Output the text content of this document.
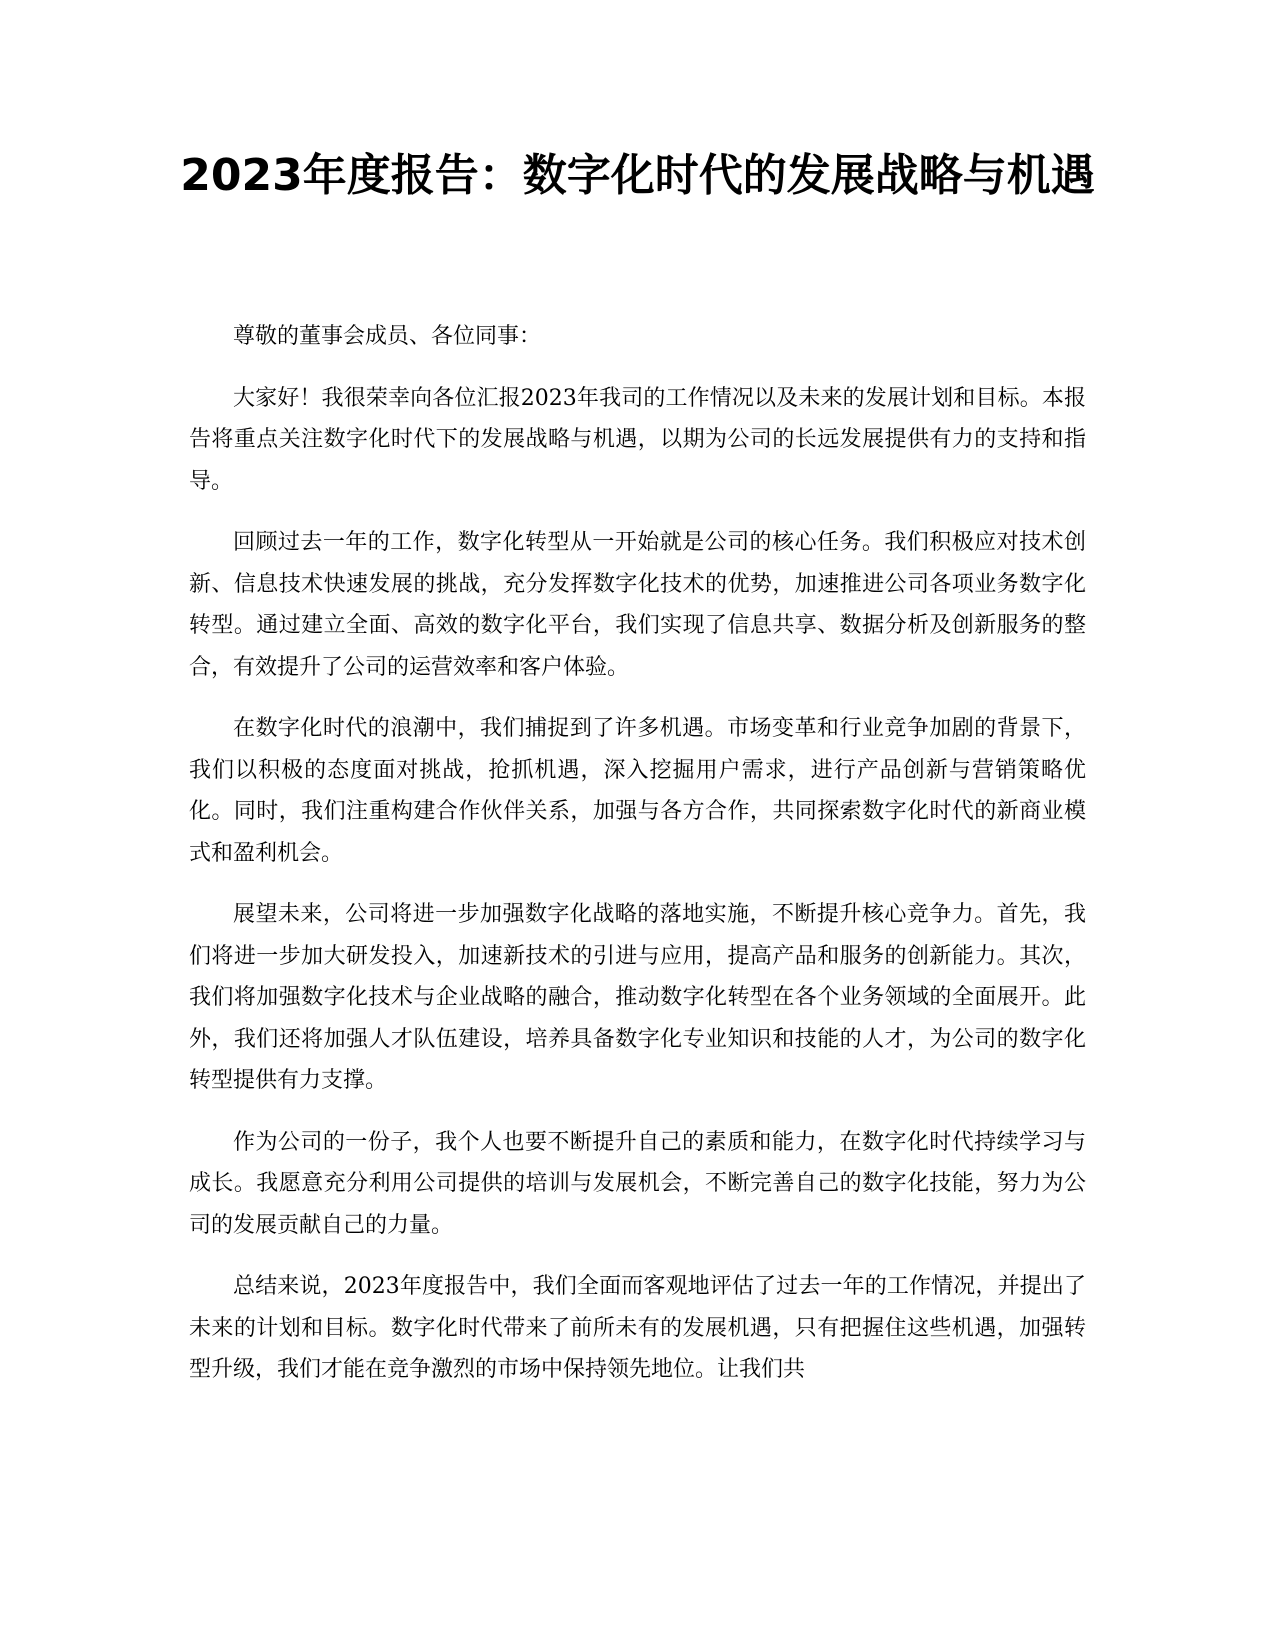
2023年度报告：数字化时代的发展战略与机遇

尊敬的董事会成员、各位同事：

大家好！我很荣幸向各位汇报2023年我司的工作情况以及未来的发展计划和目标。本报告将重点关注数字化时代下的发展战略与机遇，以期为公司的长远发展提供有力的支持和指导。

回顾过去一年的工作，数字化转型从一开始就是公司的核心任务。我们积极应对技术创新、信息技术快速发展的挑战，充分发挥数字化技术的优势，加速推进公司各项业务数字化转型。通过建立全面、高效的数字化平台，我们实现了信息共享、数据分析及创新服务的整合，有效提升了公司的运营效率和客户体验。

在数字化时代的浪潮中，我们捕捉到了许多机遇。市场变革和行业竞争加剧的背景下，我们以积极的态度面对挑战，抢抓机遇，深入挖掘用户需求，进行产品创新与营销策略优化。同时，我们注重构建合作伙伴关系，加强与各方合作，共同探索数字化时代的新商业模式和盈利机会。

展望未来，公司将进一步加强数字化战略的落地实施，不断提升核心竞争力。首先，我们将进一步加大研发投入，加速新技术的引进与应用，提高产品和服务的创新能力。其次，我们将加强数字化技术与企业战略的融合，推动数字化转型在各个业务领域的全面展开。此外，我们还将加强人才队伍建设，培养具备数字化专业知识和技能的人才，为公司的数字化转型提供有力支撑。

作为公司的一份子，我个人也要不断提升自己的素质和能力，在数字化时代持续学习与成长。我愿意充分利用公司提供的培训与发展机会，不断完善自己的数字化技能，努力为公司的发展贡献自己的力量。

总结来说，2023年度报告中，我们全面而客观地评估了过去一年的工作情况，并提出了未来的计划和目标。数字化时代带来了前所未有的发展机遇，只有把握住这些机遇，加强转型升级，我们才能在竞争激烈的市场中保持领先地位。让我们共
